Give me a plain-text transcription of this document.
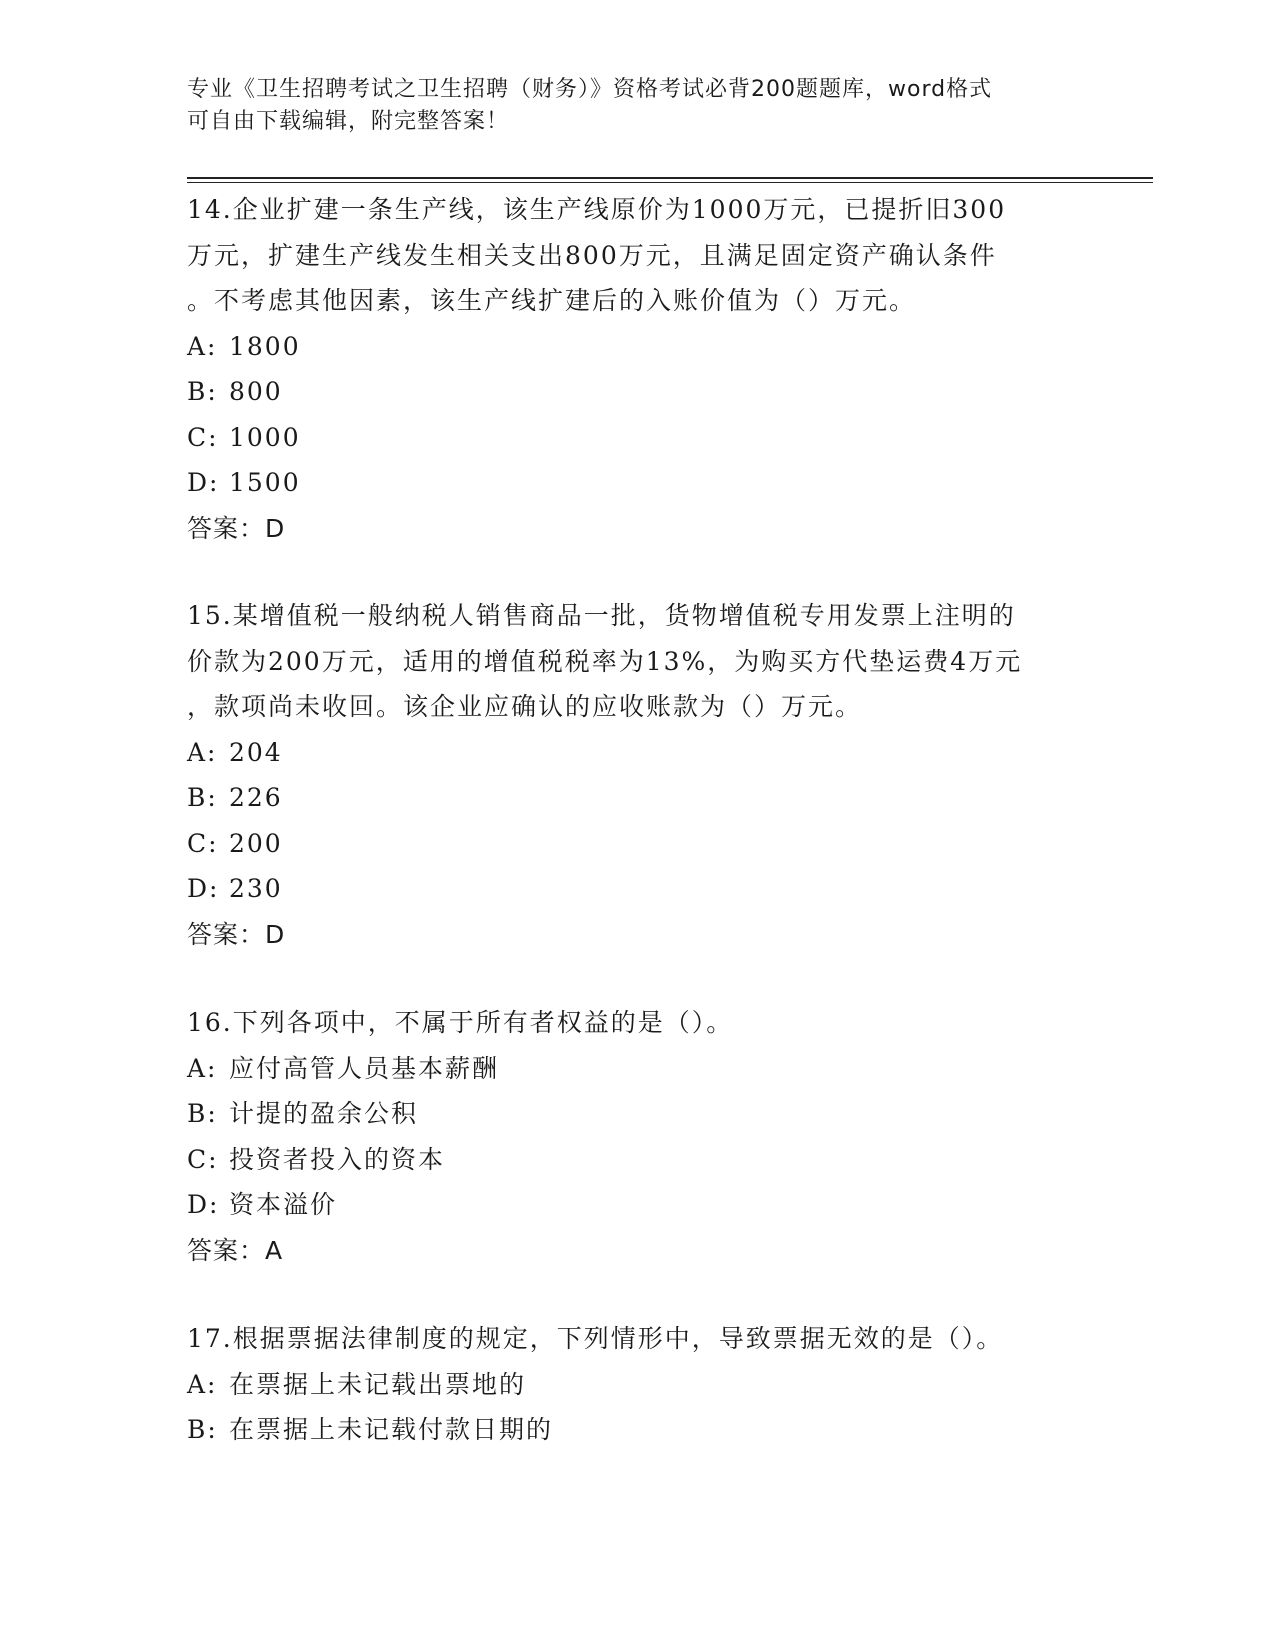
专业《卫生招聘考试之卫生招聘（财务）》资格考试必背200题题库，word格式
可自由下载编辑，附完整答案！
14.企业扩建一条生产线，该生产线原价为1000万元，已提折旧300
万元，扩建生产线发生相关支出800万元，且满足固定资产确认条件
。不考虑其他因素，该生产线扩建后的入账价值为（）万元。
A: 1800
B: 800
C: 1000
D: 1500
答案：D
15.某增值税一般纳税人销售商品一批，货物增值税专用发票上注明的
价款为200万元，适用的增值税税率为13%，为购买方代垫运费4万元
，款项尚未收回。该企业应确认的应收账款为（）万元。
A: 204
B: 226
C: 200
D: 230
答案：D
16.下列各项中，不属于所有者权益的是（）。
A: 应付高管人员基本薪酬
B: 计提的盈余公积
C: 投资者投入的资本
D: 资本溢价
答案：A
17.根据票据法律制度的规定，下列情形中，导致票据无效的是（）。
A: 在票据上未记载出票地的
B: 在票据上未记载付款日期的
